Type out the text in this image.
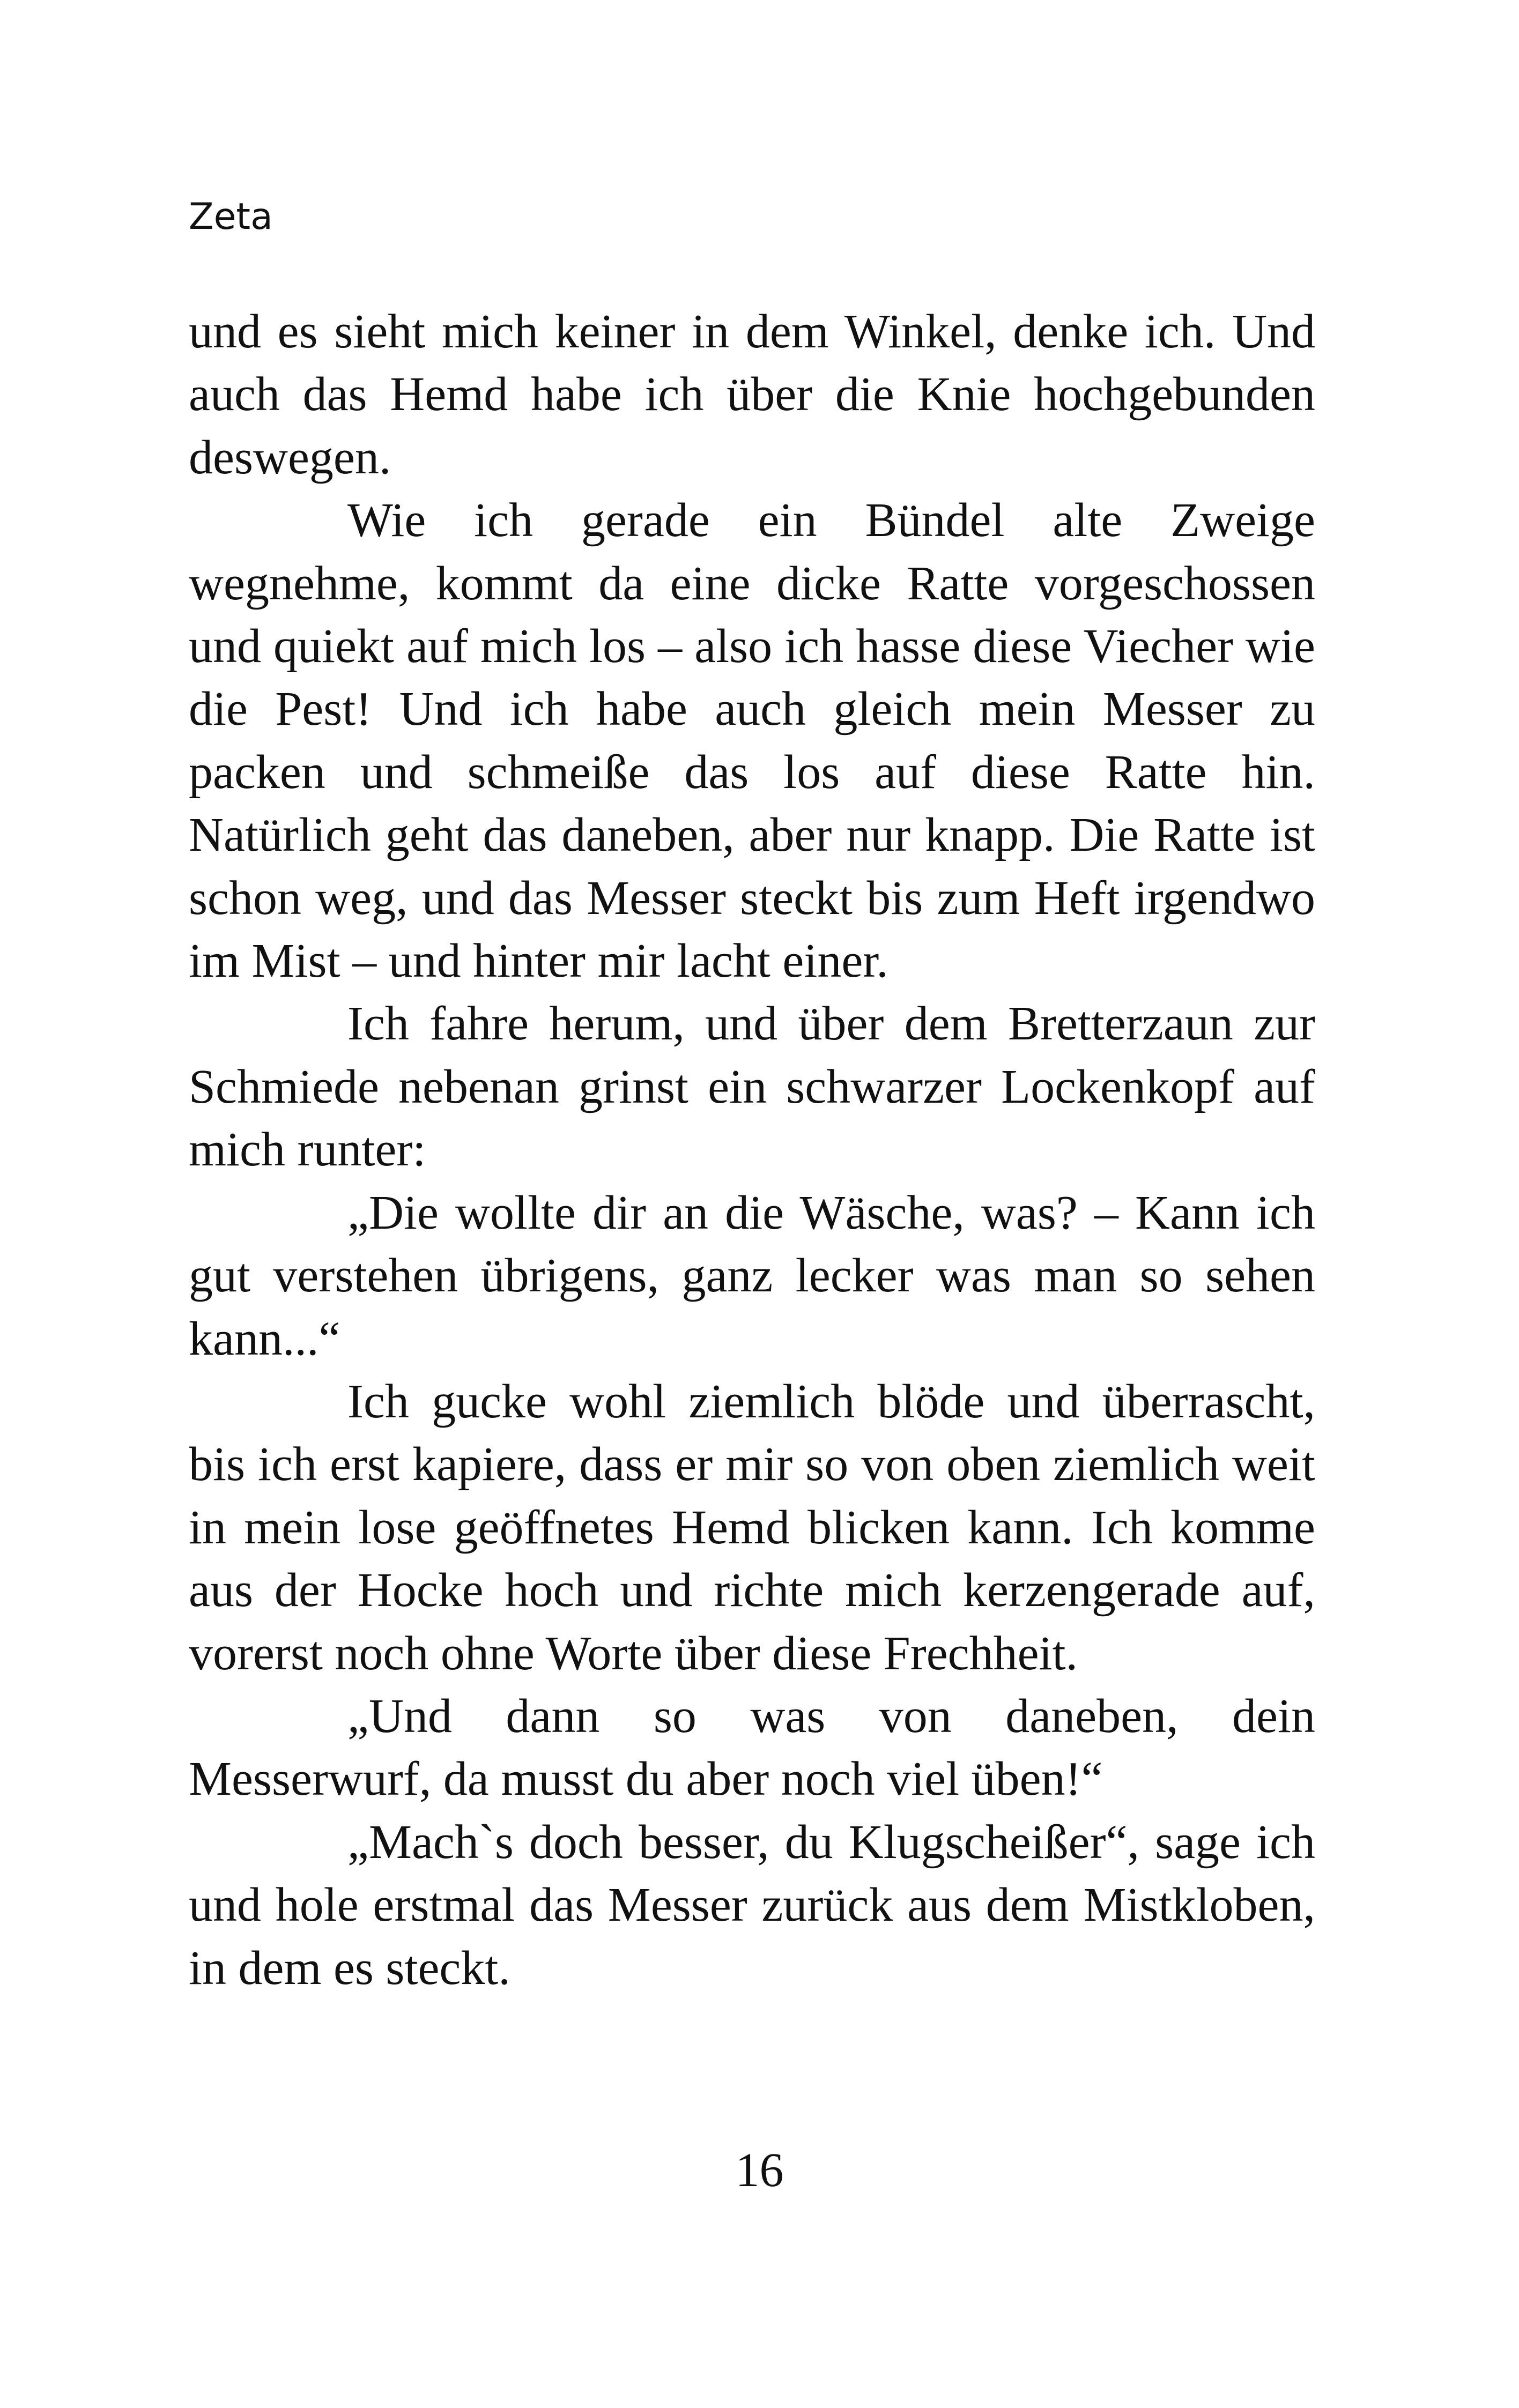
Zeta

und es sieht mich keiner in dem Winkel, denke ich. Und auch das Hemd habe ich über die Knie hochgebunden deswegen.

Wie ich gerade ein Bündel alte Zweige wegnehme, kommt da eine dicke Ratte vorgeschossen und quiekt auf mich los – also ich hasse diese Viecher wie die Pest! Und ich habe auch gleich mein Messer zu packen und schmeiße das los auf diese Ratte hin. Natürlich geht das daneben, aber nur knapp. Die Ratte ist schon weg, und das Messer steckt bis zum Heft irgendwo im Mist – und hinter mir lacht einer.

Ich fahre herum, und über dem Bretterzaun zur Schmiede nebenan grinst ein schwarzer Lockenkopf auf mich runter:

„Die wollte dir an die Wäsche, was? – Kann ich gut verstehen übrigens, ganz lecker was man so sehen kann...“

Ich gucke wohl ziemlich blöde und überrascht, bis ich erst kapiere, dass er mir so von oben ziemlich weit in mein lose geöffnetes Hemd blicken kann. Ich komme aus der Hocke hoch und richte mich kerzengerade auf, vorerst noch ohne Worte über diese Frechheit.

„Und dann so was von daneben, dein Messerwurf, da musst du aber noch viel üben!“

„Mach`s doch besser, du Klugscheißer“, sage ich und hole erstmal das Messer zurück aus dem Mistkloben, in dem es steckt.

16
